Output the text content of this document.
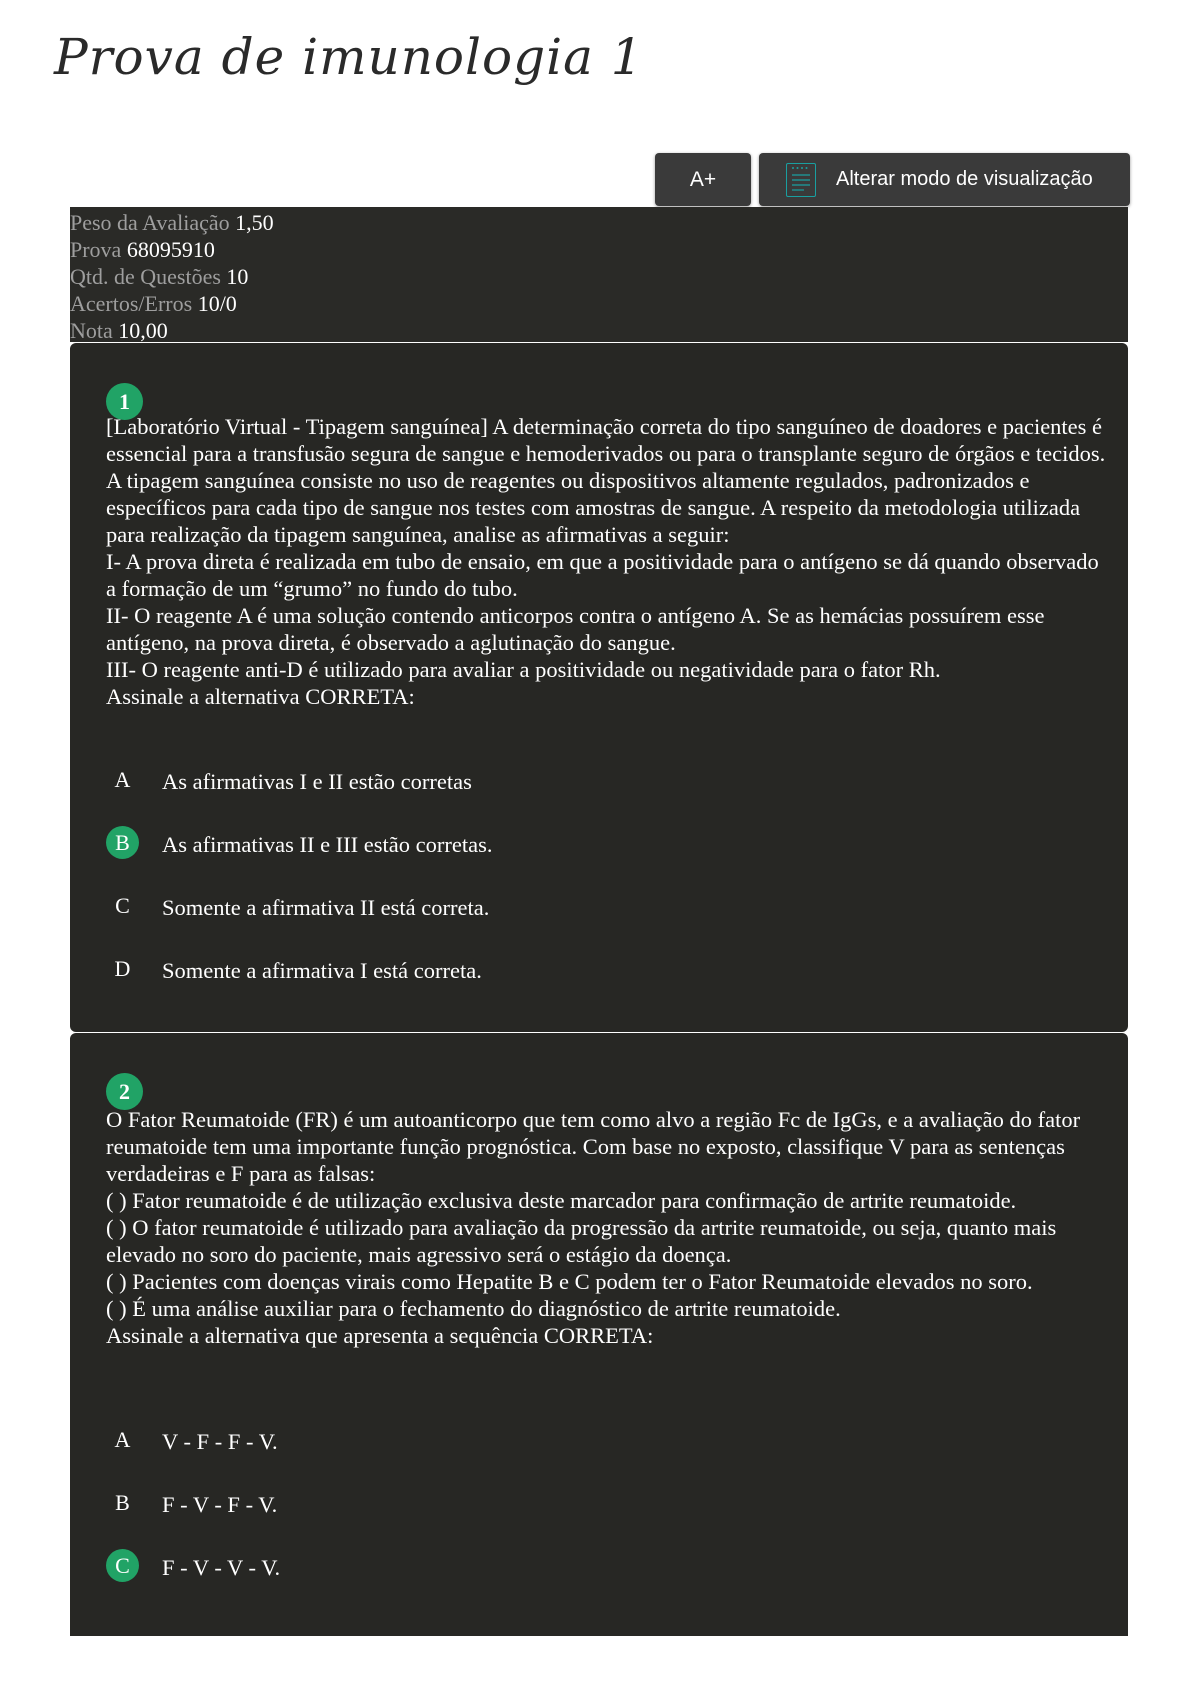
Prova de imunologia 1
A+	Alterar modo de visualização
Peso da Avaliação 1,50
Prova 68095910
Qtd. de Questões 10
Acertos/Erros 10/0
Nota 10,00
1

[Laboratório Virtual - Tipagem sanguínea] A determinação correta do tipo sanguíneo de doadores e pacientes é essencial para a transfusão segura de sangue e hemoderivados ou para o transplante seguro de órgãos e tecidos. A tipagem sanguínea consiste no uso de reagentes ou dispositivos altamente regulados, padronizados e específicos para cada tipo de sangue nos testes com amostras de sangue. A respeito da metodologia utilizada para realização da tipagem sanguínea, analise as afirmativas a seguir:

I- A prova direta é realizada em tubo de ensaio, em que a positividade para o antígeno se dá quando observado a formação de um “grumo” no fundo do tubo.

II- O reagente A é uma solução contendo anticorpos contra o antígeno A. Se as hemácias possuírem esse antígeno, na prova direta, é observado a aglutinação do sangue.

III- O reagente anti-D é utilizado para avaliar a positividade ou negatividade para o fator Rh.

Assinale a alternativa CORRETA:

A	As afirmativas I e II estão corretas
B	As afirmativas II e III estão corretas.
C	Somente a afirmativa II está correta.
D	Somente a afirmativa I está correta.
2

O Fator Reumatoide (FR) é um autoanticorpo que tem como alvo a região Fc de IgGs, e a avaliação do fator reumatoide tem uma importante função prognóstica. Com base no exposto, classifique V para as sentenças verdadeiras e F para as falsas:

( ) Fator reumatoide é de utilização exclusiva deste marcador para confirmação de artrite reumatoide.

( ) O fator reumatoide é utilizado para avaliação da progressão da artrite reumatoide, ou seja, quanto mais elevado no soro do paciente, mais agressivo será o estágio da doença.

( ) Pacientes com doenças virais como Hepatite B e C podem ter o Fator Reumatoide elevados no soro.

( ) É uma análise auxiliar para o fechamento do diagnóstico de artrite reumatoide.

Assinale a alternativa que apresenta a sequência CORRETA:

A	V - F - F - V.
B	F - V - F - V.
C	F - V - V - V.
